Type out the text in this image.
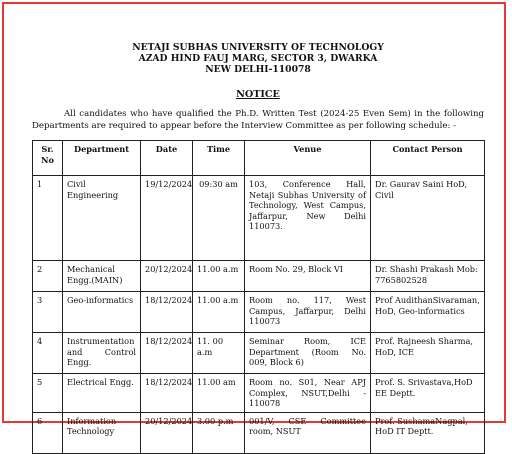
NETAJI SUBHAS UNIVERSITY OF TECHNOLOGY
AZAD HIND FAUJ MARG, SECTOR 3, DWARKA
NEW DELHI-110078
NOTICE
All candidates who have qualified the Ph.D. Written Test (2024-25 Even Sem) in the following Departments are required to appear before the Interview Committee as per following schedule: -
Sr. No	Department	Date	Time	Venue	Contact Person
1	Civil Engineering	19/12/2024	09:30 am	103, Conference Hall, Netaji Subhas University of Technology, West Campus, Jaffarpur, New Delhi 110073.	Dr. Gaurav Saini HoD, Civil
2	Mechanical Engg.(MAIN)	20/12/2024	11.00 a.m	Room No. 29, Block VI	Dr. Shashi Prakash Mob: 7765802528
3	Geo-informatics	18/12/2024	11.00 a.m	Room no. 117, West Campus, Jaffarpur, Delhi 110073	Prof AudithanSivaraman, HoD, Geo-informatics
4	Instrumentation and Control Engg.	18/12/2024	11. 00 a.m	Seminar Room, ICE Department (Room No. 009, Block 6)	Prof. Rajneesh Sharma, HoD, ICE
5	Electrical Engg.	18/12/2024	11.00 am	Room no. S01, Near APJ Complex, NSUT,Delhi - 110078	Prof. S. Srivastava,HoD EE Deptt.
6	Information Technology	20/12/2024	3.00 p.m	001/V, CSE Committee room, NSUT	Prof. SushamaNagpal, HoD IT Deptt.
